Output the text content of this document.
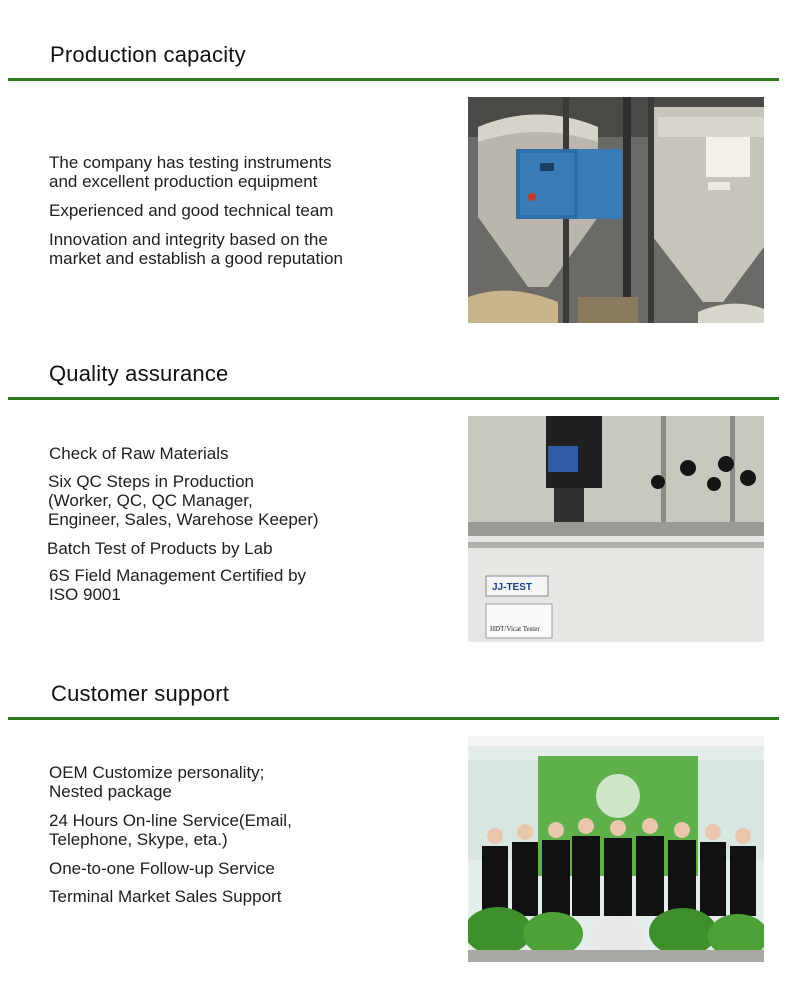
Production capacity

The company has testing instruments
and excellent production equipment

Experienced and good technical team

Innovation and integrity based on the
market and establish a good reputation

Quality assurance

Check of Raw Materials

Six QC Steps in Production
(Worker, QC, QC Manager,
Engineer, Sales, Warehose Keeper)

Batch Test of Products by Lab

6S Field Management Certified by
ISO 9001	JJ-TEST
HDT/Vicat Tester
Customer support

OEM Customize personality;
Nested package

24 Hours On-line Service(Email,
Telephone, Skype, eta.)

One-to-one Follow-up Service

Terminal Market Sales Support
